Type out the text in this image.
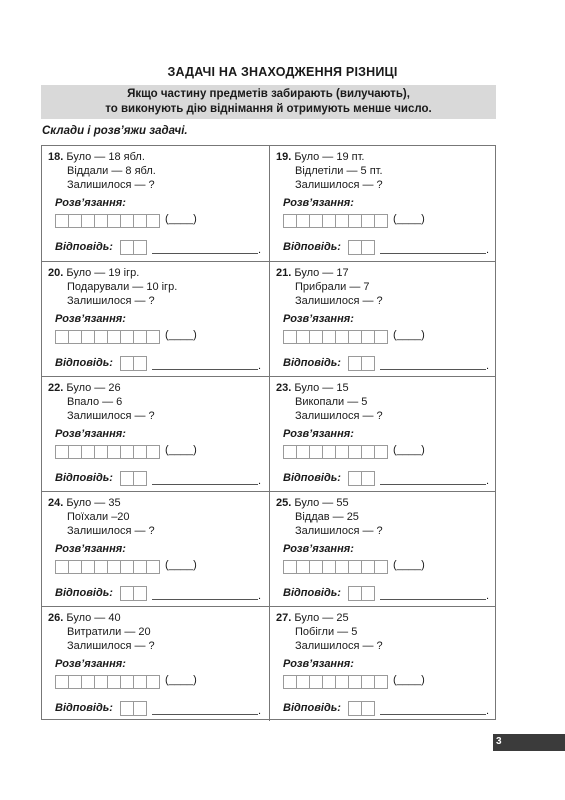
ЗАДАЧІ НА ЗНАХОДЖЕННЯ РІЗНИЦІ
Якщо частину предметів забирають (вилучають),
то виконують дію віднімання й отримують менше число.
Склади і розв’яжи задачі.
18. Було — 18 ябл.
Віддали — 8 ябл.
Залишилося — ?
Розв’язання:
(____)
Відповідь:	.
19. Було — 19 пт.
Відлетіли — 5 пт.
Залишилося — ?
Розв’язання:
(____)
Відповідь:	.
20. Було — 19 ігр.
Подарували — 10 ігр.
Залишилося — ?
Розв’язання:
(____)
Відповідь:	.
21. Було — 17
Прибрали — 7
Залишилося — ?
Розв’язання:
(____)
Відповідь:	.
22. Було — 26
Впало — 6
Залишилося — ?
Розв’язання:
(____)
Відповідь:	.
23. Було — 15
Викопали — 5
Залишилося — ?
Розв’язання:
(____)
Відповідь:	.
24. Було — 35
Поїхали –20
Залишилося — ?
Розв’язання:
(____)
Відповідь:	.
25. Було — 55
Віддав — 25
Залишилося — ?
Розв’язання:
(____)
Відповідь:	.
26. Було — 40
Витратили — 20
Залишилося — ?
Розв’язання:
(____)
Відповідь:	.
27. Було — 25
Побігли — 5
Залишилося — ?
Розв’язання:
(____)
Відповідь:	.
3
